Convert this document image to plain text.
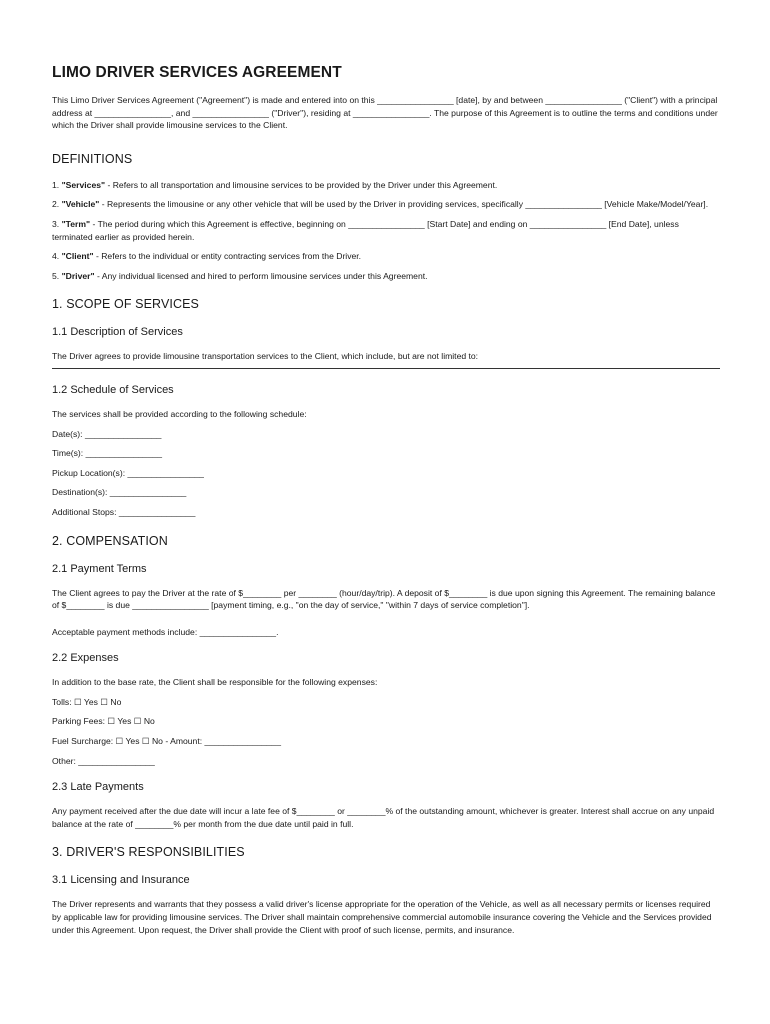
LIMO DRIVER SERVICES AGREEMENT

This Limo Driver Services Agreement ("Agreement") is made and entered into on this ________________ [date], by and between ________________ ("Client") with a principal address at ________________, and ________________ ("Driver"), residing at ________________. The purpose of this Agreement is to outline the terms and conditions under which the Driver shall provide limousine services to the Client.

DEFINITIONS

1. "Services" - Refers to all transportation and limousine services to be provided by the Driver under this Agreement.

2. "Vehicle" - Represents the limousine or any other vehicle that will be used by the Driver in providing services, specifically ________________ [Vehicle Make/Model/Year].

3. "Term" - The period during which this Agreement is effective, beginning on ________________ [Start Date] and ending on ________________ [End Date], unless terminated earlier as provided herein.

4. "Client" - Refers to the individual or entity contracting services from the Driver.

5. "Driver" - Any individual licensed and hired to perform limousine services under this Agreement.

1. SCOPE OF SERVICES
1.1 Description of Services

The Driver agrees to provide limousine transportation services to the Client, which include, but are not limited to:

1.2 Schedule of Services

The services shall be provided according to the following schedule:

Date(s): ________________

Time(s): ________________

Pickup Location(s): ________________

Destination(s): ________________

Additional Stops: ________________

2. COMPENSATION
2.1 Payment Terms

The Client agrees to pay the Driver at the rate of $________ per ________ (hour/day/trip). A deposit of $________ is due upon signing this Agreement. The remaining balance of $________ is due ________________ [payment timing, e.g., "on the day of service," "within 7 days of service completion"].

Acceptable payment methods include: ________________.

2.2 Expenses

In addition to the base rate, the Client shall be responsible for the following expenses:

Tolls: ☐ Yes ☐ No

Parking Fees: ☐ Yes ☐ No

Fuel Surcharge: ☐ Yes ☐ No - Amount: ________________

Other: ________________

2.3 Late Payments

Any payment received after the due date will incur a late fee of $________ or ________% of the outstanding amount, whichever is greater. Interest shall accrue on any unpaid balance at the rate of ________% per month from the due date until paid in full.

3. DRIVER'S RESPONSIBILITIES
3.1 Licensing and Insurance

The Driver represents and warrants that they possess a valid driver's license appropriate for the operation of the Vehicle, as well as all necessary permits or licenses required by applicable law for providing limousine services. The Driver shall maintain comprehensive commercial automobile insurance covering the Vehicle and the Services provided under this Agreement. Upon request, the Driver shall provide the Client with proof of such license, permits, and insurance.
